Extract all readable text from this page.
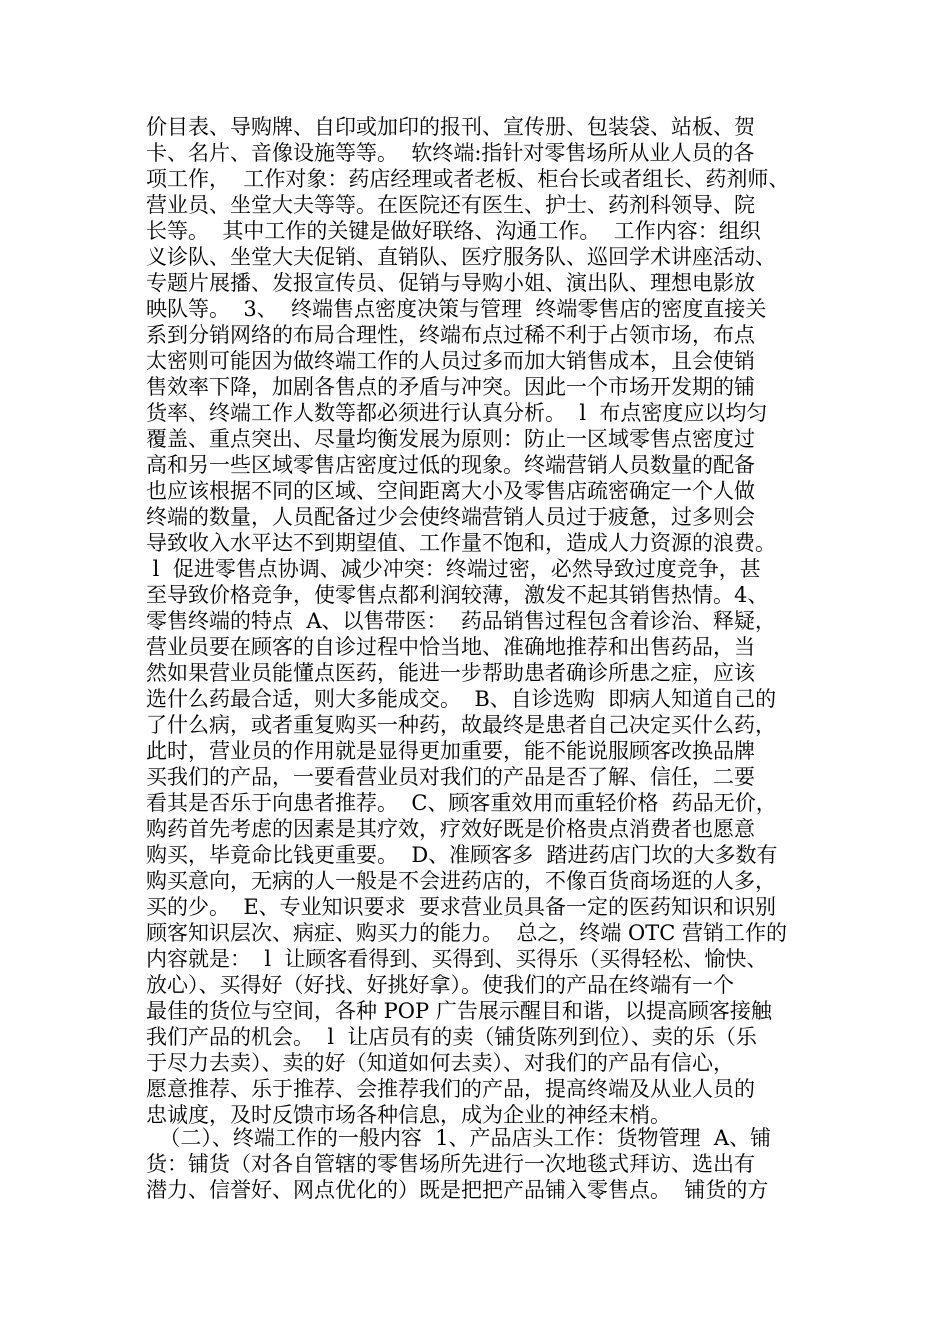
价目表、导购牌、自印或加印的报刊、宣传册、包装袋、站板、贺
卡、名片、音像设施等等。  软终端:指针对零售场所从业人员的各
项工作，  工作对象：药店经理或者老板、柜台长或者组长、药剂师、
营业员、坐堂大夫等等。在医院还有医生、护士、药剂科领导、院
长等。  其中工作的关键是做好联络、沟通工作。  工作内容：组织
义诊队、坐堂大夫促销、直销队、医疗服务队、巡回学术讲座活动、
专题片展播、发报宣传员、促销与导购小姐、演出队、理想电影放
映队等。  3、  终端售点密度决策与管理  终端零售店的密度直接关
系到分销网络的布局合理性，终端布点过稀不利于占领市场，布点
太密则可能因为做终端工作的人员过多而加大销售成本，且会使销
售效率下降，加剧各售点的矛盾与冲突。因此一个市场开发期的铺
货率、终端工作人数等都必须进行认真分析。  l  布点密度应以均匀
覆盖、重点突出、尽量均衡发展为原则：防止一区域零售点密度过
高和另一些区域零售店密度过低的现象。终端营销人员数量的配备
也应该根据不同的区域、空间距离大小及零售店疏密确定一个人做
终端的数量，人员配备过少会使终端营销人员过于疲惫，过多则会
导致收入水平达不到期望值、工作量不饱和，造成人力资源的浪费。
l  促进零售点协调、减少冲突：终端过密，必然导致过度竞争，甚
至导致价格竞争，使零售点都利润较薄，激发不起其销售热情。4、
零售终端的特点  A、以售带医：  药品销售过程包含着诊治、释疑，
营业员要在顾客的自诊过程中恰当地、准确地推荐和出售药品，当
然如果营业员能懂点医药，能进一步帮助患者确诊所患之症，应该
选什么药最合适，则大多能成交。  B、自诊选购  即病人知道自己的
了什么病，或者重复购买一种药，故最终是患者自己决定买什么药，
此时，营业员的作用就是显得更加重要，能不能说服顾客改换品牌
买我们的产品，一要看营业员对我们的产品是否了解、信任，二要
看其是否乐于向患者推荐。  C、顾客重效用而重轻价格  药品无价，
购药首先考虑的因素是其疗效，疗效好既是价格贵点消费者也愿意
购买，毕竟命比钱更重要。  D、准顾客多  踏进药店门坎的大多数有
购买意向，无病的人一般是不会进药店的，不像百货商场逛的人多，
买的少。  E、专业知识要求  要求营业员具备一定的医药知识和识别
顾客知识层次、病症、购买力的能力。  总之，终端 OTC 营销工作的
内容就是：  l  让顾客看得到、买得到、买得乐（买得轻松、愉快、
放心）、买得好（好找、好挑好拿）。使我们的产品在终端有一个
最佳的货位与空间，各种 POP 广告展示醒目和谐，以提高顾客接触
我们产品的机会。  l  让店员有的卖（铺货陈列到位）、卖的乐（乐
于尽力去卖）、卖的好（知道如何去卖）、对我们的产品有信心，
愿意推荐、乐于推荐、会推荐我们的产品，提高终端及从业人员的
忠诚度，及时反馈市场各种信息，成为企业的神经末梢。
（二）、终端工作的一般内容  1、产品店头工作：货物管理  A、铺
货：铺货（对各自管辖的零售场所先进行一次地毯式拜访、选出有
潜力、信誉好、网点优化的）既是把把产品铺入零售点。  铺货的方
